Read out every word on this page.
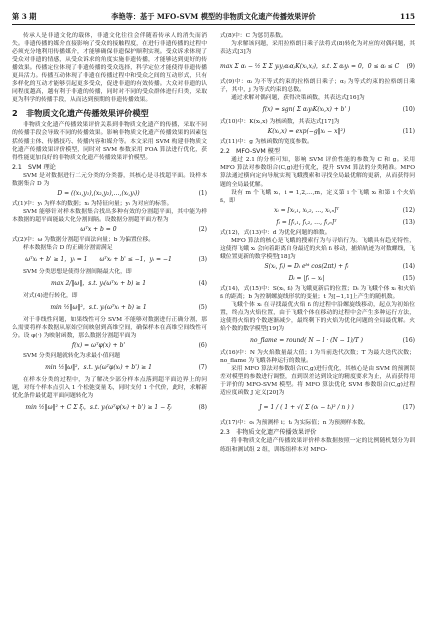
第 3 期	李艳等：基于 MFO-SVM 模型的非物质文化遗产传播效果评价	115

传承人是非遗文化的载体，非遗文化往往会伴随着传承人的消失而消失。非遗传播的媒介直接影响了受众的接触程度，在进行非遗传播的过程中必须充分地利用传播媒介，才能够确保非遗保护顺利实现。受众诉求体现了受众对非遗的情感，从受众诉求的角度实施非遗传播，才能够达到更好的传播效果。传播定位体现了非遗传播的受众选择，科学定位才能使得非遗传播更具活力。传播互动体现了非遗在传播过程中和受众之间的互动形式，只有多样化的互动才能够引起更多受众，促进非遗的有效传播。大众对非遗的认同程度越高，越有利于非遗的传播，同时对不同的受众群体进行归类，采取更为科学的传播手段，从而达到预期的非遗传播效果。

2　非物质文化遗产传播效果评价模型

非物质文化遗产传播效果评价关系到非物质文化遗产的传播，采取不同的传播手段会导致不同的传播效果。影响非物质文化遗产传播效果的因素包括传播主体、传播技巧、传播内容和媒介等。本文采用 SVM 构建非物质文化遗产传播效果评价模型，同时对 SVM 参数采用 FOA 算法进行优化，获得性能更加良好的非物质文化遗产传播效果评价模型。

2.1　SVM 理论

SVM 是对数据进行二元分类的分类器，其核心是寻找超平面。设样本数据集合 D 为

D = ((x₁,y₁),(x₂,y₂),…,(xᵢ,yᵢ))	(1)

式(1)中：yᵢ 为样本的数据；xᵢ 为特征向量；yᵢ 为对应的标签。

SVM 能够针对样本数据集合找出多种有效的分割超平面，其中能为样本数据的超平面能最大化分割间隔。设数据分割超平面方程为

ωᵀx + b = 0	(2)

式(2)中：ω 为数据分割超平面法向量；b 为偏置位移。

样本数据集合 D 的正确分割需满足

ωᵀxᵢ + b' ≥ 1，yᵢ = 1　　ωᵀxᵢ + b' ≤ −1，yᵢ = −1	(3)

SVM 分类思想是使得分割间隔最大化，即

max 2/‖ω‖，s.t. yᵢ(ωᵀxᵢ + b) ≥ 1	(4)

对式(4)进行转化，即

min ½‖ω‖²，s.t. yᵢ(ωᵀxᵢ + b) ≥ 1	(5)

对于非线性问题，如果线性可分 SVM 不能够对数据进行正确分割，那么需要将样本数据从原始空间映射到高维空间，确保样本在高维空间线性可分。设 φ(·) 为映射函数，那么数据分割超平面为

f(x) = ωᵀφ(x) + b'	(6)

SVM 分类问题就转化为求最小值问题

min ½‖ω‖²，s.t. yᵢ(ωᵀφ(xᵢ) + b') ≥ 1	(7)

在样本分类的过程中，为了解决少部分样本点落到超平面边界上的问题，对每个样本点引入 1 个松弛变量 ξᵢ，同时支付 1 个代价，此时，求解新优化条件最优超平面问题转化为

min ½‖ω‖² + C Σ ξᵢ，s.t. yᵢ(ωᵀφ(xᵢ) + b') ≥ 1 − ξᵢ	(8)

式(8)中：C 为惩罚系数。

为求解该问题，采用拉格朗日乘子法将式(8)转化为对应的对偶问题，其表达式[3]为

max Σ αᵢ − ½ Σ Σ yᵢyⱼαᵢαⱼK(xᵢ,xⱼ)，s.t. Σ αᵢyᵢ = 0，0 ≤ αᵢ ≤ C (9)

式(9)中：αᵢ 为不等式约束的拉格朗日乘子；αⱼ 为等式约束的拉格朗日乘子，其中，j 为等式约束的总数。

通过求解对偶问题，获得决策函数，其表达式[16]为

f(x) = sgn( Σ αᵢyᵢK(xᵢ,x) + b' )	(10)

式(10)中：K(xᵢ,x) 为核函数，其表达式[17]为

K(xᵢ,x) = exp(−g‖xᵢ − x‖²)	(11)

式(11)中：g 为核函数的宽度参数。

2.2　MFO-SVM 模型

通过 2.1 的分析可知，影响 SVM 评价性能的参数为 C 和 g。采用 MFO 算法对参数组合(C,g)进行优化，提升 SVM 算法的分类精准。MFO 算法通过横向定向导航实现飞蛾搜索和寻找全局最优解的更新，从而获得问题的全局最优解。

设有 m 个飞蛾 xᵢ，i = 1,2,…,m，定义第 i 个飞蛾 xᵢ 和第 i 个火焰 fᵢ，即

xᵢ = [xᵢ,₁, xᵢ,₂, …, xᵢ,ₙ]ᵀ	(12)
fᵢ = [fᵢ,₁, fᵢ,₂, …, fᵢ,ₙ]ᵀ	(13)

式(12)，式(13)中：d 为优化问题的维数。

MFO 算法的核心是飞蛾的搜索行为与寻焰行为。飞蛾具有趋光特性，这使得飞蛾 xᵢ 会向着距离自身最近的火焰 fᵢ 移动，捕焰轨迹为对数螺线，飞蛾位置更新的数学模型[18]为

S(xᵢ, fᵢ) = Dᵢ eᵇᵗ cos(2πt) + fᵢ	(14)
Dᵢ = |fᵢ − xᵢ|	(15)

式(14)，式(15)中：S(xᵢ, fᵢ) 为飞蛾更新后的位置；Dᵢ 为飞蛾个体 xᵢ 和火焰 fᵢ 的距离；b 为控制螺旋线形状的变量；t 为[−1,1]上产生的随机数。

飞蛾个体 xᵢ 在寻找最优火焰 fᵢ 的过程中沿螺旋线移动，起点为初始位置，终点为火焰位置，由于飞蛾个体在移动的过程中会产生多种运行方法，这使得火焰的个数逐渐减少，最终剩下的火焰为优化问题的全局最优解。火焰个数的数学模型[19]为

no_flame = round( N − l · (N − 1)/T )	(16)

式(16)中：N 为火焰数量最大值；l 为当前迭代次数；T 为最大迭代次数；no_flame 为飞蛾各种运行的数量。

采用 MFO 算法对参数组合(C,g)进行优化，其核心是由 SVM 的预测误差对模型的参数进行调整，直到误差达到设定的精度要求为止，从而获得用于评价的 MFO-SVM 模型。将 MFO 算法优化 SVM 参数组合(C,g)过程适应度函数 J 定义[20]为

J = 1 / ( 1 + √( Σ (oᵢ − tᵢ)² / n ) )	(17)

式(17)中：oᵢ 为预测样 i；tᵢ 为实际值；n 为预测样本数。

2.3　非物质文化遗产传播效果评价

将非物质文化遗产传播效果评价样本数据按照一定的比例随机划分为训练组和测试组 2 组，训练组样本对 MFO-
